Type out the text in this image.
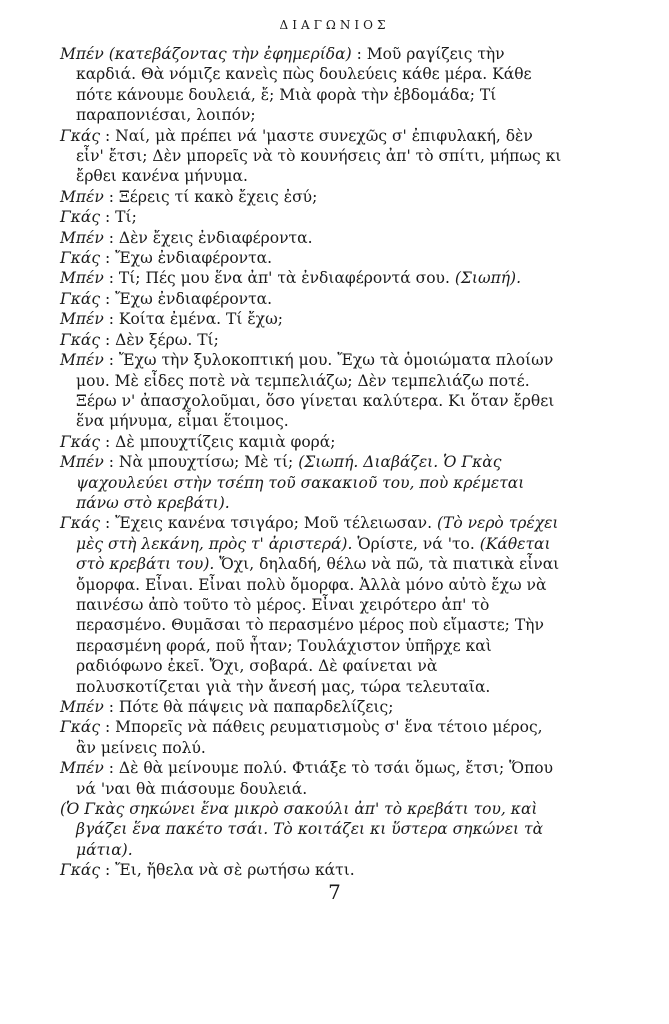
ΔΙΑΓΩΝΙΟΣ

Μπέν (κατεβάζοντας τὴν ἐφημερίδα) : Μοῦ ραγίζεις τὴν καρδιά. Θὰ νόμιζε κανεὶς πὼς δουλεύεις κάθε μέρα. Κάθε πότε κάνουμε δουλειά, ἔ; Μιὰ φορὰ τὴν ἑβδομάδα; Τί παραπονιέσαι, λοιπόν;

Γκάς : Ναί, μὰ πρέπει νά 'μαστε συνεχῶς σ' ἐπιφυλακή, δὲν εἶν' ἔτσι; Δὲν μπορεῖς νὰ τὸ κουνήσεις ἀπ' τὸ σπίτι, μήπως κι ἔρθει κανένα μήνυμα.

Μπέν : Ξέρεις τί κακὸ ἔχεις ἐσύ;

Γκάς : Τί;

Μπέν : Δὲν ἔχεις ἐνδιαφέροντα.

Γκάς : Ἔχω ἐνδιαφέροντα.

Μπέν : Τί; Πές μου ἕνα ἀπ' τὰ ἐνδιαφέροντά σου. (Σιωπή).

Γκάς : Ἔχω ἐνδιαφέροντα.

Μπέν : Κοίτα ἐμένα. Τί ἔχω;

Γκάς : Δὲν ξέρω. Τί;

Μπέν : Ἔχω τὴν ξυλοκοπτική μου. Ἔχω τὰ ὁμοιώματα πλοίων μου. Μὲ εἶδες ποτὲ νὰ τεμπελιάζω; Δὲν τεμπελιάζω ποτέ. Ξέρω ν' ἀπασχολοῦμαι, ὅσο γίνεται καλύτερα. Κι ὅταν ἔρθει ἕνα μήνυμα, εἶμαι ἕτοιμος.

Γκάς : Δὲ μπουχτίζεις καμιὰ φορά;

Μπέν : Νὰ μπουχτίσω; Μὲ τί; (Σιωπή. Διαβάζει. Ὁ Γκὰς ψαχουλεύει στὴν τσέπη τοῦ σακακιοῦ του, ποὺ κρέμεται πάνω στὸ κρεβάτι).

Γκάς : Ἔχεις κανένα τσιγάρο; Μοῦ τέλειωσαν. (Τὸ νερὸ τρέχει μὲς στὴ λεκάνη, πρὸς τ' ἀριστερά). Ὁρίστε, νά 'το. (Κάθεται στὸ κρεβάτι του). Ὄχι, δηλαδή, θέλω νὰ πῶ, τὰ πιατικὰ εἶναι ὄμορφα. Εἶναι. Εἶναι πολὺ ὄμορφα. Ἀλλὰ μόνο αὐτὸ ἔχω νὰ παινέσω ἀπὸ τοῦτο τὸ μέρος. Εἶναι χειρότερο ἀπ' τὸ περασμένο. Θυμᾶσαι τὸ περασμένο μέρος ποὺ εἴμαστε; Τὴν περασμένη φορά, ποῦ ἦταν; Τουλάχιστον ὑπῆρχε καὶ ραδιόφωνο ἐκεῖ. Ὄχι, σοβαρά. Δὲ φαίνεται νὰ πολυσκοτίζεται γιὰ τὴν ἄνεσή μας, τώρα τελευταῖα.

Μπέν : Πότε θὰ πάψεις νὰ παπαρδελίζεις;

Γκάς : Μπορεῖς νὰ πάθεις ρευματισμοὺς σ' ἕνα τέτοιο μέρος, ἂν μείνεις πολύ.

Μπέν : Δὲ θὰ μείνουμε πολύ. Φτιάξε τὸ τσάι ὅμως, ἔτσι; Ὅπου νά 'ναι θὰ πιάσουμε δουλειά.

(Ὁ Γκὰς σηκώνει ἕνα μικρὸ σακούλι ἀπ' τὸ κρεβάτι του, καὶ βγάζει ἕνα πακέτο τσάι. Τὸ κοιτάζει κι ὕστερα σηκώνει τὰ μάτια).

Γκάς : Ἔι, ἤθελα νὰ σὲ ρωτήσω κάτι.

7
